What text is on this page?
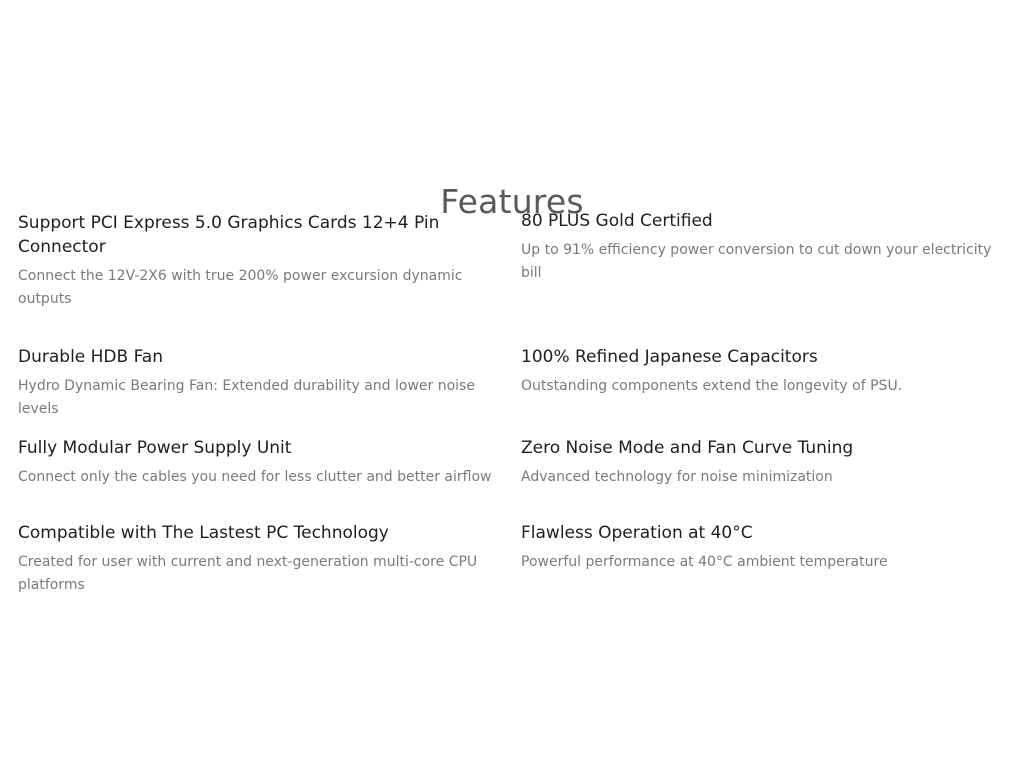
Features
Support PCI Express 5.0 Graphics Cards 12+4 Pin Connector

Connect the 12V-2X6 with true 200% power excursion dynamic outputs

80 PLUS Gold Certified

Up to 91% efficiency power conversion to cut down your electricity bill

Durable HDB Fan

Hydro Dynamic Bearing Fan: Extended durability and lower noise levels

100% Refined Japanese Capacitors

Outstanding components extend the longevity of PSU.

Fully Modular Power Supply Unit

Connect only the cables you need for less clutter and better airflow

Zero Noise Mode and Fan Curve Tuning

Advanced technology for noise minimization

Compatible with The Lastest PC Technology

Created for user with current and next-generation multi-core CPU platforms

Flawless Operation at 40°C

Powerful performance at 40°C ambient temperature
